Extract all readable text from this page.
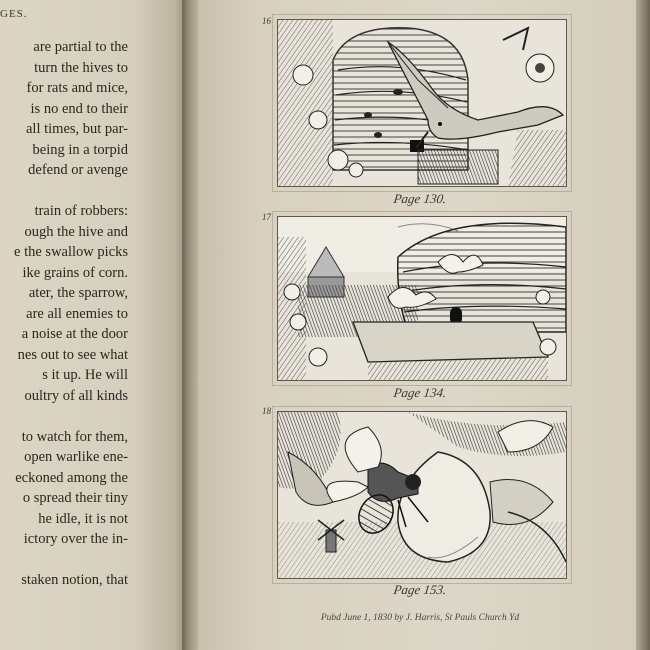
GES.
are partial to the
turn the hives to
for rats and mice,
is no end to their
all times, but par-
being in a torpid
defend or avenge
train of robbers:
ough the hive and
e the swallow picks
ike grains of corn.
ater, the sparrow,
are all enemies to
a noise at the door
nes out to see what
s it up. He will
oultry of all kinds
to watch for them,
open warlike ene-
eckoned among the
o spread their tiny
he idle, it is not
ictory over the in-
staken notion, that
16
Page 130.
17
Page 134.
18
Page 153.
Pubd June 1, 1830 by J. Harris, St Pauls Church Yd
